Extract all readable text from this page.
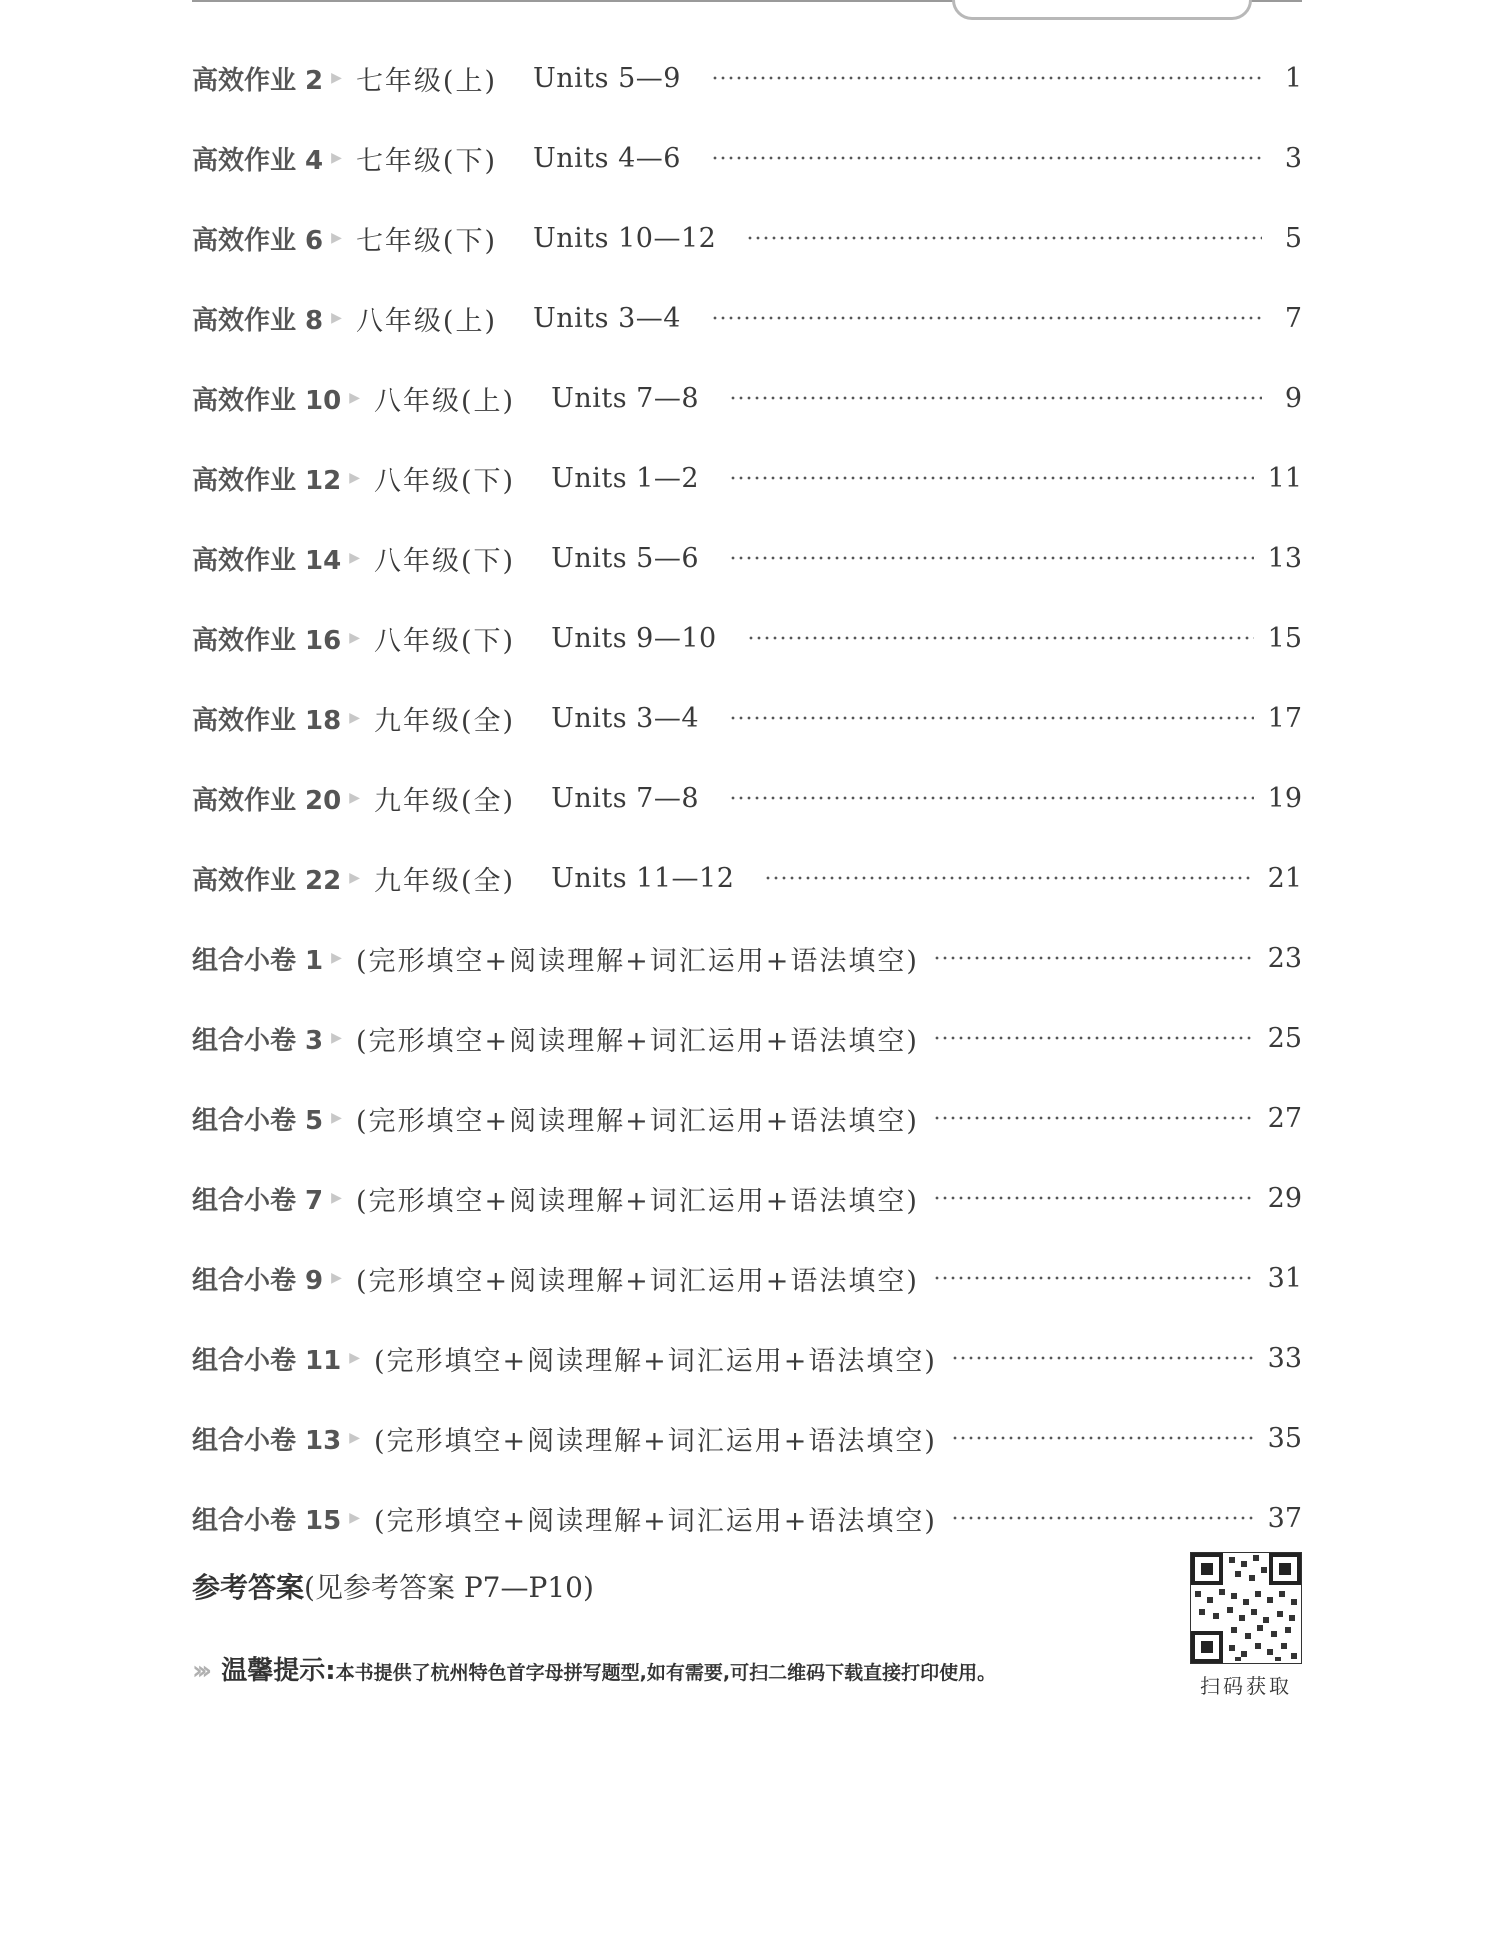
高效作业 2 ▶ 七年级(上) Units 5—9	1
高效作业 4 ▶ 七年级(下) Units 4—6	3
高效作业 6 ▶ 七年级(下) Units 10—12	5
高效作业 8 ▶ 八年级(上) Units 3—4	7
高效作业 10 ▶ 八年级(上) Units 7—8	9
高效作业 12 ▶ 八年级(下) Units 1—2	11
高效作业 14 ▶ 八年级(下) Units 5—6	13
高效作业 16 ▶ 八年级(下) Units 9—10	15
高效作业 18 ▶ 九年级(全) Units 3—4	17
高效作业 20 ▶ 九年级(全) Units 7—8	19
高效作业 22 ▶ 九年级(全) Units 11—12	21
组合小卷 1 ▶ (完形填空+阅读理解+词汇运用+语法填空)	23
组合小卷 3 ▶ (完形填空+阅读理解+词汇运用+语法填空)	25
组合小卷 5 ▶ (完形填空+阅读理解+词汇运用+语法填空)	27
组合小卷 7 ▶ (完形填空+阅读理解+词汇运用+语法填空)	29
组合小卷 9 ▶ (完形填空+阅读理解+词汇运用+语法填空)	31
组合小卷 11 ▶ (完形填空+阅读理解+词汇运用+语法填空)	33
组合小卷 13 ▶ (完形填空+阅读理解+词汇运用+语法填空)	35
组合小卷 15 ▶ (完形填空+阅读理解+词汇运用+语法填空)	37
参考答案(见参考答案 P7—P10)
››› 温馨提示:本书提供了杭州特色首字母拼写题型,如有需要,可扫二维码下载直接打印使用。
扫码获取
